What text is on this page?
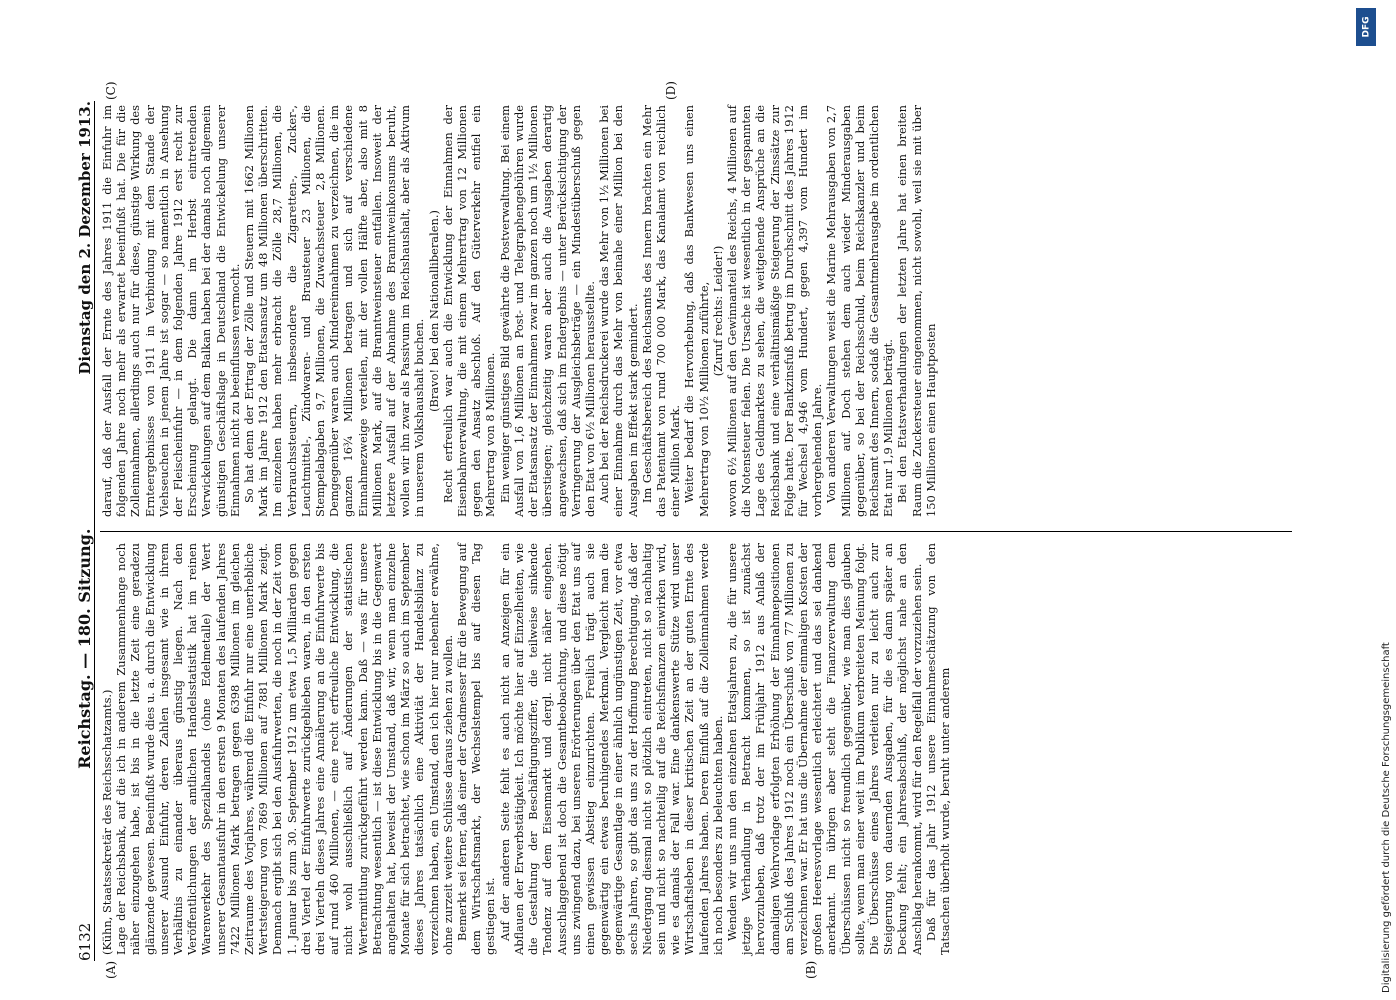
6132
Reichstag. — 180. Sitzung.
Dienstag den 2. Dezember 1913.
(A)	(B)
(C)	(D)

(Kühn, Staatssekretär des Reichsschatzamts.) Lage der Reichsbank, auf die ich in anderem Zusammenhange noch näher einzugehen habe, ist bis in die letzte Zeit eine geradezu glänzende gewesen. Beeinflußt wurde dies u. a. durch die Entwicklung unserer Ausund Einfuhr, deren Zahlen insgesamt wie in ihrem Verhältnis zu einander überaus günstig liegen. Nach den Veröffentlichungen der amtlichen Handelsstatistik hat im reinen Warenverkehr des Spezialhandels (ohne Edelmetalle) der Wert unserer Gesamtausfuhr in den ersten 9 Monaten des laufenden Jahres 7422 Millionen Mark betragen gegen 6398 Millionen im gleichen Zeitraume des Vorjahres, während die Einfuhr nur eine unerhebliche Wertsteigerung von 7869 Millionen auf 7881 Millionen Mark zeigt. Demnach ergibt sich bei den Ausfuhrwerten, die noch in der Zeit vom 1. Januar bis zum 30. September 1912 um etwa 1,5 Milliarden gegen drei Viertel der Einfuhrwerte zurückgeblieben waren, in den ersten drei Vierteln dieses Jahres eine Annäherung an die Einfuhrwerte bis auf rund 460 Millionen, — eine recht erfreuliche Entwicklung, die nicht wohl ausschließlich auf Änderungen der statistischen Wertermittlung zurückgeführt werden kann. Daß — was für unsere Betrachtung wesentlich — ist diese Entwicklung bis in die Gegenwart angehalten hat, beweist der Umstand, daß wir, wenn man einzelne Monate für sich betrachtet, wie schon im März so auch im September dieses Jahres tatsächlich eine Aktivität der Handelsbilanz zu verzeichnen haben, ein Umstand, den ich hier nur nebenher erwähne, ohne zurzeit weitere Schlüsse daraus ziehen zu wollen. Bemerkt sei ferner, daß einer der Gradmesser für die Bewegung auf dem Wirtschaftsmarkt, der Wechselstempel bis auf diesen Tag gestiegen ist. Auf der anderen Seite fehlt es auch nicht an Anzeigen für ein Abflauen der Erwerbstätigkeit. Ich möchte hier auf Einzelheiten, wie die Gestaltung der Beschäftigungsziffer, die teilweise sinkende Tendenz auf dem Eisenmarkt und dergl. nicht näher eingehen. Ausschlaggebend ist doch die Gesamtbeobachtung, und diese nötigt uns zwingend dazu, bei unseren Erörterungen über den Etat uns auf einen gewissen Abstieg einzurichten. Freilich trägt auch sie gegenwärtig ein etwas beruhigendes Merkmal. Vergleicht man die gegenwärtige Gesamtlage in einer ähnlich ungünstigen Zeit, vor etwa sechs Jahren, so gibt das uns zu der Hoffnung Berechtigung, daß der Niedergang diesmal nicht so plötzlich eintreten, nicht so nachhaltig sein und nicht so nachteilig auf die Reichsfinanzen einwirken wird, wie es damals der Fall war. Eine dankenswerte Stütze wird unser Wirtschaftsleben in dieser kritischen Zeit an der guten Ernte des laufenden Jahres haben. Deren Einfluß auf die Zolleinnahmen werde ich noch besonders zu beleuchten haben. Wenden wir uns nun den einzelnen Etatsjahren zu, die für unsere jetzige Verhandlung in Betracht kommen, so ist zunächst hervorzuheben, daß trotz der im Frühjahr 1912 aus Anlaß der damaligen Wehrvorlage erfolgten Erhöhung der Einnahmepositionen am Schluß des Jahres 1912 noch ein Überschuß von 77 Millionen zu verzeichnen war. Er hat uns die Übernahme der einmaligen Kosten der großen Heeresvorlage wesentlich erleichtert und das sei dankend anerkannt. Im übrigen aber steht die Finanzverwaltung dem Überschüssen nicht so freundlich gegenüber, wie man dies glauben sollte, wenn man einer weit im Publikum verbreiteten Meinung folgt. Die Überschüsse eines Jahres verleiten nur zu leicht auch zur Steigerung von dauernden Ausgaben, für die es dann später an Deckung fehlt; ein Jahresabschluß, der möglichst nahe an den Anschlag herankommt, wird für den Regelfall der vorzuziehen sein. Daß für das Jahr 1912 unsere Einnahmeschätzung von den Tatsachen überholt wurde, beruht unter anderem

darauf, daß der Ausfall der Ernte des Jahres 1911 die Einfuhr im folgenden Jahre noch mehr als erwartet beeinflußt hat. Die für die Zolleinnahmen, allerdings auch nur für diese, günstige Wirkung des Ernteergebnisses von 1911 in Verbindung mit dem Stande der Viehseuchen in jenem Jahre ist sogar — so namentlich in Ansehung der Fleischeinfuhr — in dem folgenden Jahre 1912 erst recht zur Erscheinung gelangt. Die dann im Herbst eintretenden Verwickelungen auf dem Balkan haben bei der damals noch allgemein günstigen Geschäftslage in Deutschland die Entwickelung unserer Einnahmen nicht zu beeinflussen vermocht. So hat denn der Ertrag der Zölle und Steuern mit 1662 Millionen Mark im Jahre 1912 den Etatsansatz um 48 Millionen überschritten. Im einzelnen haben mehr erbracht die Zölle 28,7 Millionen, die Verbrauchssteuern, insbesondere die Zigaretten-, Zucker-, Leuchtmittel-, Zündwaren- und Brausteuer 23 Millionen, die Stempelabgaben 9,7 Millionen, die Zuwachssteuer 2,8 Millionen. Demgegenüber waren auch Mindereinnahmen zu verzeichnen, die im ganzen 16¾ Millionen betragen und sich auf verschiedene Einnahmezweige verteilen, mit der vollen Hälfte aber, also mit 8 Millionen Mark, auf die Branntweinsteuer entfallen. Insoweit der letztere Ausfall auf der Abnahme des Branntweinkonsums beruht, wollen wir ihn zwar als Passivum im Reichshaushalt, aber als Aktivum in unserem Volkshaushalt buchen.

(Bravo! bei den Nationalliberalen.) Recht erfreulich war auch die Entwicklung der Einnahmen der Eisenbahnverwaltung, die mit einem Mehrertrag von 12 Millionen gegen den Ansatz abschloß. Auf den Güterverkehr entfiel ein Mehrertrag von 8 Millionen. Ein weniger günstiges Bild gewährte die Postverwaltung. Bei einem Ausfall von 1,6 Millionen an Post- und Telegraphengebühren wurde der Etatsansatz der Einnahmen zwar im ganzen noch um 1½ Millionen überstiegen; gleichzeitig waren aber auch die Ausgaben derartig angewachsen, daß sich im Endergebnis — unter Berücksichtigung der Verringerung der Ausgleichsbeträge — ein Mindestüberschuß gegen den Etat von 6½ Millionen herausstellte. Auch bei der Reichsdruckerei wurde das Mehr von 1½ Millionen bei einer Einnahme durch das Mehr von beinahe einer Million bei den Ausgaben im Effekt stark gemindert. Im Geschäftsbereich des Reichsamts des Innern brachten ein Mehr das Patentamt von rund 700 000 Mark, das Kanalamt von reichlich einer Million Mark. Weiter bedarf die Hervorhebung, daß das Bankwesen uns einen Mehrertrag von 10½ Millionen zuführte, (Zuruf rechts: Leider!) wovon 6½ Millionen auf den Gewinnanteil des Reichs, 4 Millionen auf die Notensteuer fielen. Die Ursache ist wesentlich in der gespannten Lage des Geldmarktes zu sehen, die weitgehende Ansprüche an die Reichsbank und eine verhältnismäßige Steigerung der Zinssätze zur Folge hatte. Der Bankzinsfuß betrug im Durchschnitt des Jahres 1912 für Wechsel 4,946 vom Hundert, gegen 4,397 vom Hundert im vorhergehenden Jahre. Von anderen Verwaltungen weist die Marine Mehrausgaben von 2,7 Millionen auf. Doch stehen dem auch wieder Minderausgaben gegenüber, so bei der Reichsschuld, beim Reichskanzler und beim Reichsamt des Innern, sodaß die Gesamtmehrausgabe im ordentlichen Etat nur 1,9 Millionen beträgt. Bei den Etatsverhandlungen der letzten Jahre hat einen breiten Raum die Zuckersteuer eingenommen, nicht sowohl, weil sie mit über 150 Millionen einen Hauptposten

Digitalisierung gefördert durch die Deutsche Forschungsgemeinschaft
DFG
